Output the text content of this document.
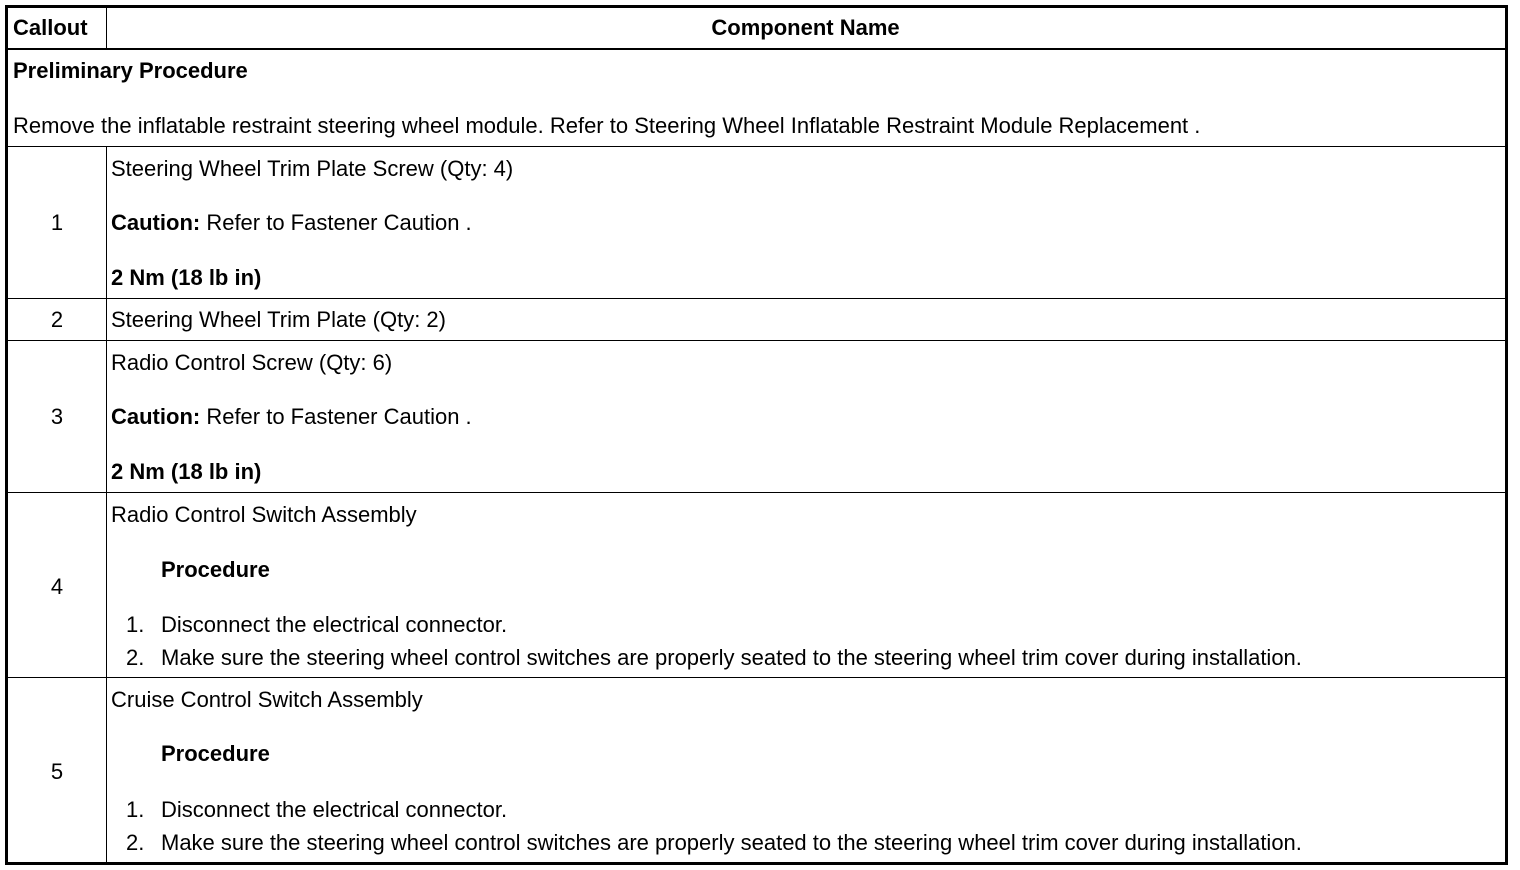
Callout	Component Name
Preliminary Procedure
Remove the inflatable restraint steering wheel module. Refer to Steering Wheel Inflatable Restraint Module Replacement .
1
Steering Wheel Trim Plate Screw (Qty: 4)
Caution: Refer to Fastener Caution .
2 Nm (18 lb in)
2	Steering Wheel Trim Plate (Qty: 2)
3
Radio Control Screw (Qty: 6)
Caution: Refer to Fastener Caution .
2 Nm (18 lb in)
4
Radio Control Switch Assembly
Procedure
1. Disconnect the electrical connector.
2. Make sure the steering wheel control switches are properly seated to the steering wheel trim cover during installation.
5
Cruise Control Switch Assembly
Procedure
1. Disconnect the electrical connector.
2. Make sure the steering wheel control switches are properly seated to the steering wheel trim cover during installation.
